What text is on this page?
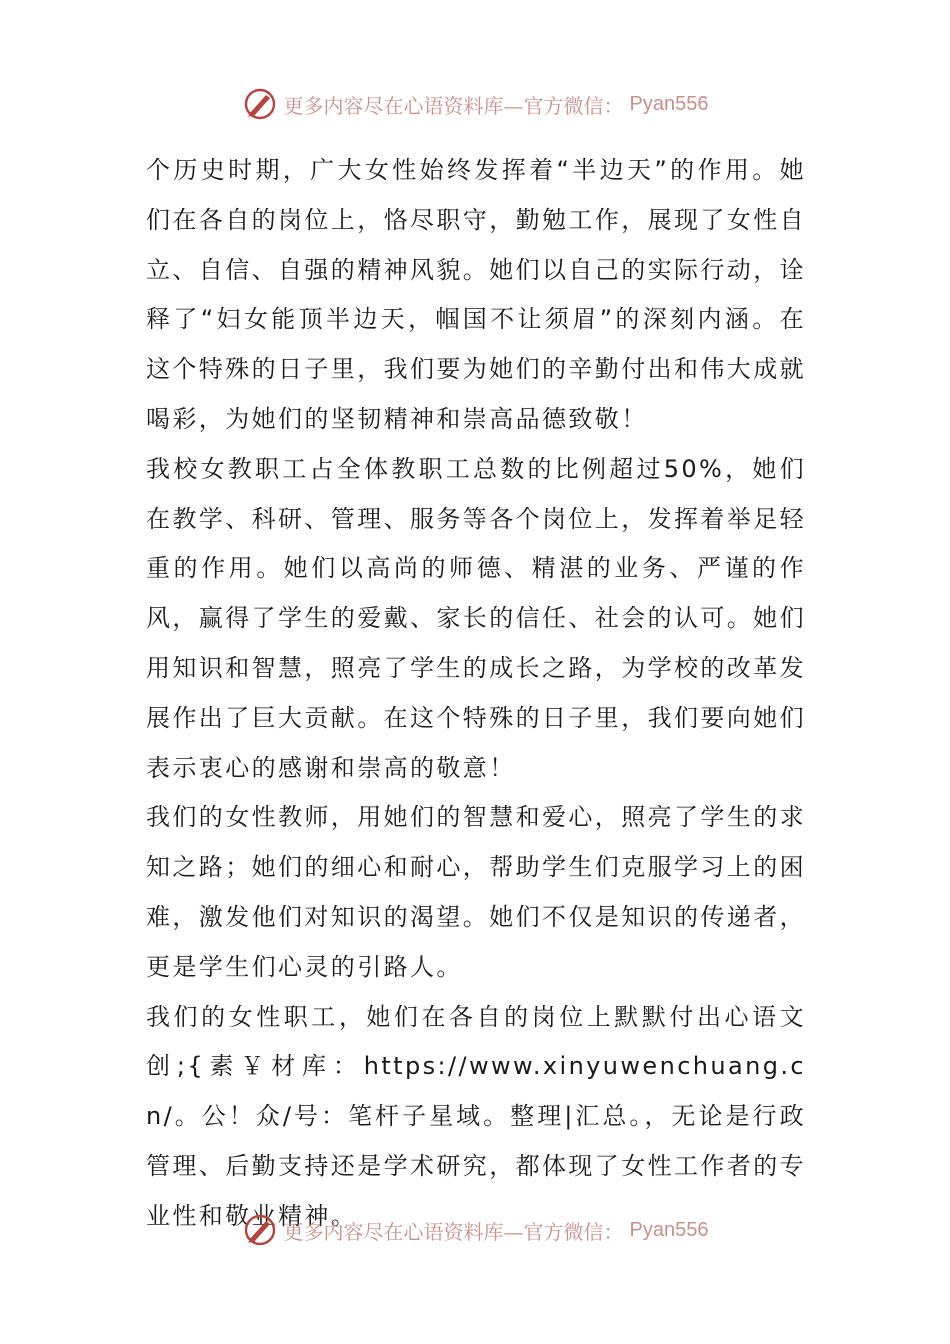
更多内容尽在心语资料库—官方微信： Pyan556

个历史时期，广大女性始终发挥着“半边天”的作用。她们在各自的岗位上，恪尽职守，勤勉工作，展现了女性自立、自信、自强的精神风貌。她们以自己的实际行动，诠释了“妇女能顶半边天，帼国不让须眉”的深刻内涵。在这个特殊的日子里，我们要为她们的辛勤付出和伟大成就喝彩，为她们的坚韧精神和崇高品德致敬！

我校女教职工占全体教职工总数的比例超过50%，她们在教学、科研、管理、服务等各个岗位上，发挥着举足轻重的作用。她们以高尚的师德、精湛的业务、严谨的作风，赢得了学生的爱戴、家长的信任、社会的认可。她们用知识和智慧，照亮了学生的成长之路，为学校的改革发展作出了巨大贡献。在这个特殊的日子里，我们要向她们表示衷心的感谢和崇高的敬意！

我们的女性教师，用她们的智慧和爱心，照亮了学生的求知之路；她们的细心和耐心，帮助学生们克服学习上的困难，激发他们对知识的渴望。她们不仅是知识的传递者，更是学生们心灵的引路人。

我们的女性职工，她们在各自的岗位上默默付出心语文创;{素￥材库：https://www.xinyuwenchuang.cn/。公！众/号：笔杆子星域。整理|汇总。，无论是行政管理、后勤支持还是学术研究，都体现了女性工作者的专业性和敬业精神。

更多内容尽在心语资料库—官方微信： Pyan556
